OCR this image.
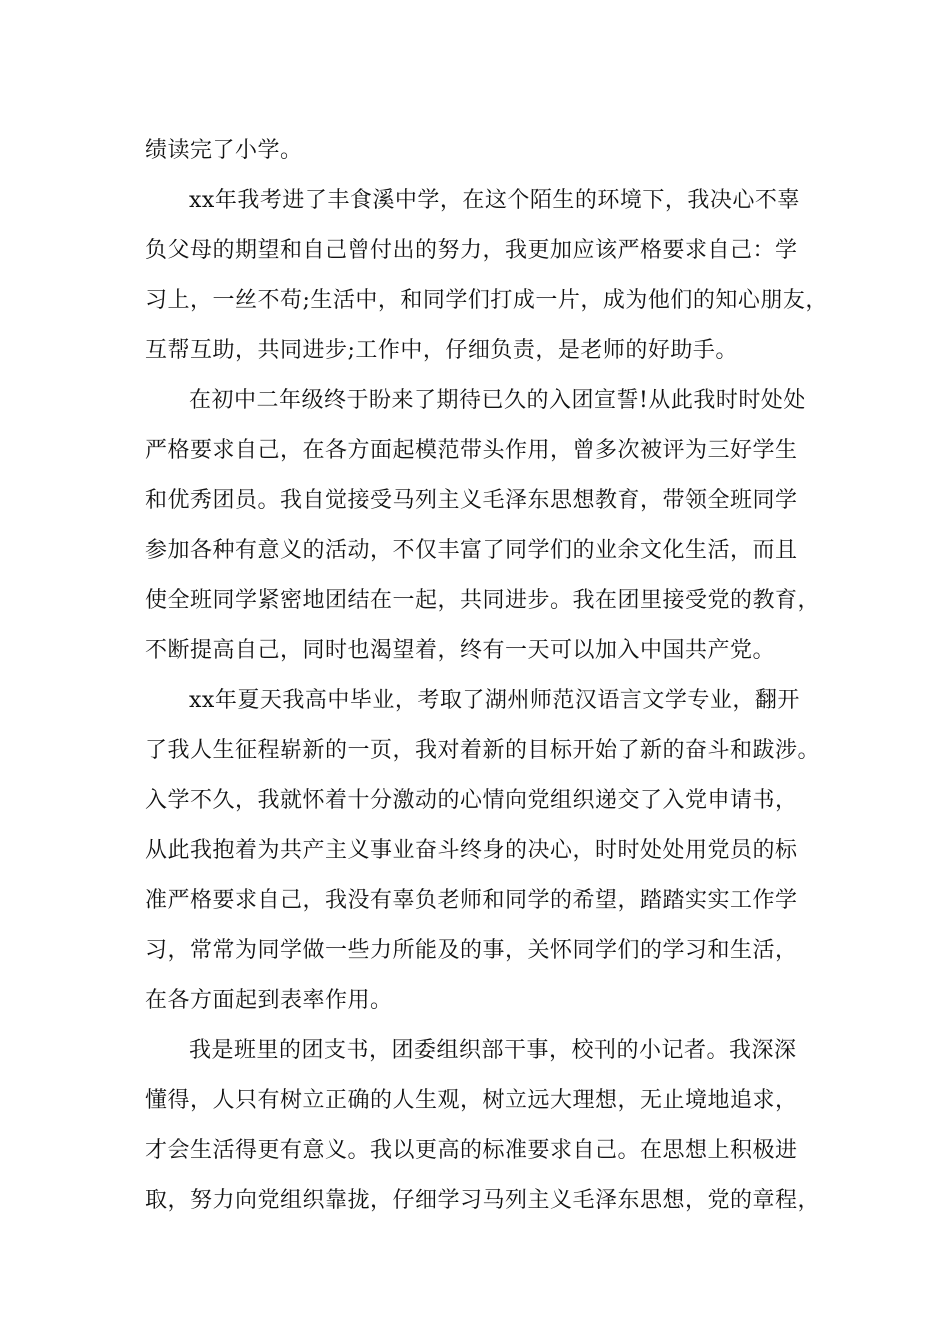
绩读完了小学。
xx年我考进了丰食溪中学，在这个陌生的环境下，我决心不辜
负父母的期望和自己曾付出的努力，我更加应该严格要求自己：学
习上，一丝不苟;生活中，和同学们打成一片，成为他们的知心朋友，
互帮互助，共同进步;工作中，仔细负责，是老师的好助手。
在初中二年级终于盼来了期待已久的入团宣誓!从此我时时处处
严格要求自己，在各方面起模范带头作用，曾多次被评为三好学生
和优秀团员。我自觉接受马列主义毛泽东思想教育，带领全班同学
参加各种有意义的活动，不仅丰富了同学们的业余文化生活，而且
使全班同学紧密地团结在一起，共同进步。我在团里接受党的教育，
不断提高自己，同时也渴望着，终有一天可以加入中国共产党。
xx年夏天我高中毕业，考取了湖州师范汉语言文学专业，翻开
了我人生征程崭新的一页，我对着新的目标开始了新的奋斗和跋涉。
入学不久，我就怀着十分激动的心情向党组织递交了入党申请书，
从此我抱着为共产主义事业奋斗终身的决心，时时处处用党员的标
准严格要求自己，我没有辜负老师和同学的希望，踏踏实实工作学
习，常常为同学做一些力所能及的事，关怀同学们的学习和生活，
在各方面起到表率作用。
我是班里的团支书，团委组织部干事，校刊的小记者。我深深
懂得，人只有树立正确的人生观，树立远大理想，无止境地追求，
才会生活得更有意义。我以更高的标准要求自己。在思想上积极进
取，努力向党组织靠拢，仔细学习马列主义毛泽东思想，党的章程，
